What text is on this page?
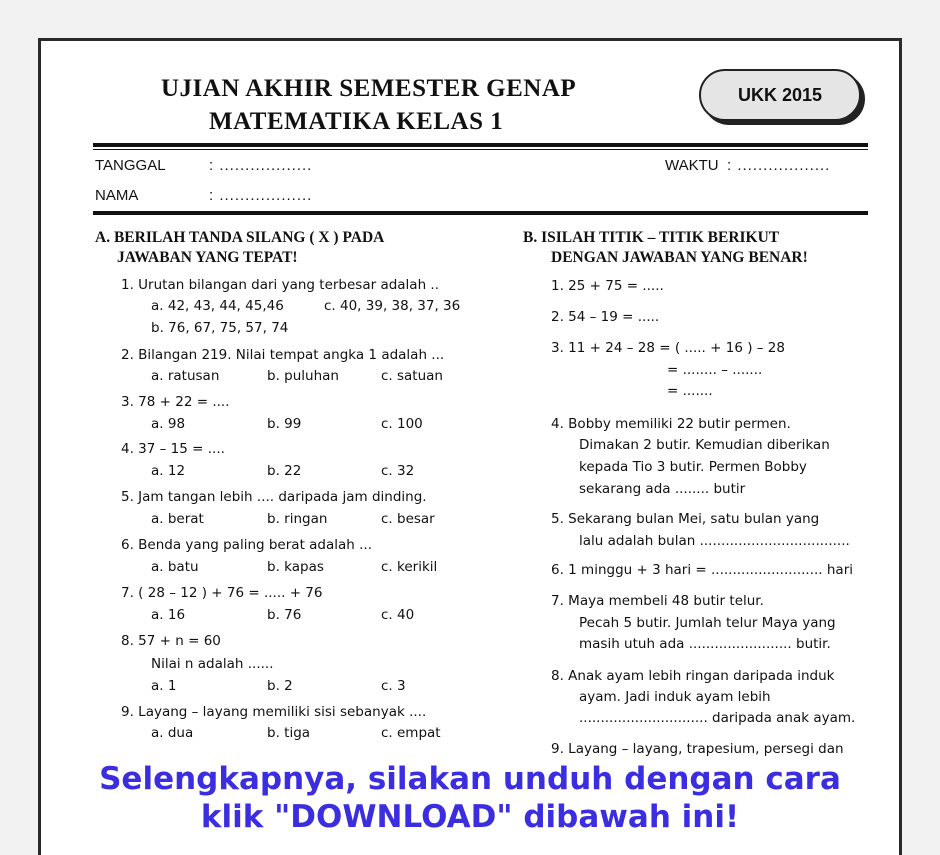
UJIAN AKHIR SEMESTER GENAP
MATEMATIKA KELAS 1
UKK 2015
TANGGAL	: ..................	WAKTU : ..................
NAMA	: ..................
A. BERILAH TANDA SILANG ( X ) PADA
JAWABAN YANG TEPAT!
1. Urutan bilangan dari yang terbesar adalah ..
a. 42, 43, 44, 45,46	c. 40, 39, 38, 37, 36
b. 76, 67, 75, 57, 74
2. Bilangan 219. Nilai tempat angka 1 adalah ...
a. ratusan	b. puluhan	c. satuan
3. 78 + 22 = ....
a. 98	b. 99	c. 100
4. 37 – 15 = ....
a. 12	b. 22	c. 32
5. Jam tangan lebih .... daripada jam dinding.
a. berat	b. ringan	c. besar
6. Benda yang paling berat adalah ...
a. batu	b. kapas	c. kerikil
7. ( 28 – 12 ) + 76 = ..... + 76
a. 16	b. 76	c. 40
8. 57 + n = 60
Nilai n adalah ......
a. 1	b. 2	c. 3
9. Layang – layang memiliki sisi sebanyak ....
a. dua	b. tiga	c. empat
B. ISILAH TITIK – TITIK BERIKUT
DENGAN JAWABAN YANG BENAR!
1. 25 + 75 = .....
2. 54 – 19 = .....
3. 11 + 24 – 28 = ( ..... + 16 ) – 28
= ........ – .......
= .......
4. Bobby memiliki 22 butir permen.
Dimakan 2 butir. Kemudian diberikan
kepada Tio 3 butir. Permen Bobby
sekarang ada ........ butir
5. Sekarang bulan Mei, satu bulan yang
lalu adalah bulan ...................................
6. 1 minggu + 3 hari = .......................... hari
7. Maya membeli 48 butir telur.
Pecah 5 butir. Jumlah telur Maya yang
masih utuh ada ........................ butir.
8. Anak ayam lebih ringan daripada induk
ayam. Jadi induk ayam lebih
.............................. daripada anak ayam.
9. Layang – layang, trapesium, persegi dan
Selengkapnya, silakan unduh dengan cara
klik "DOWNLOAD" dibawah ini!
